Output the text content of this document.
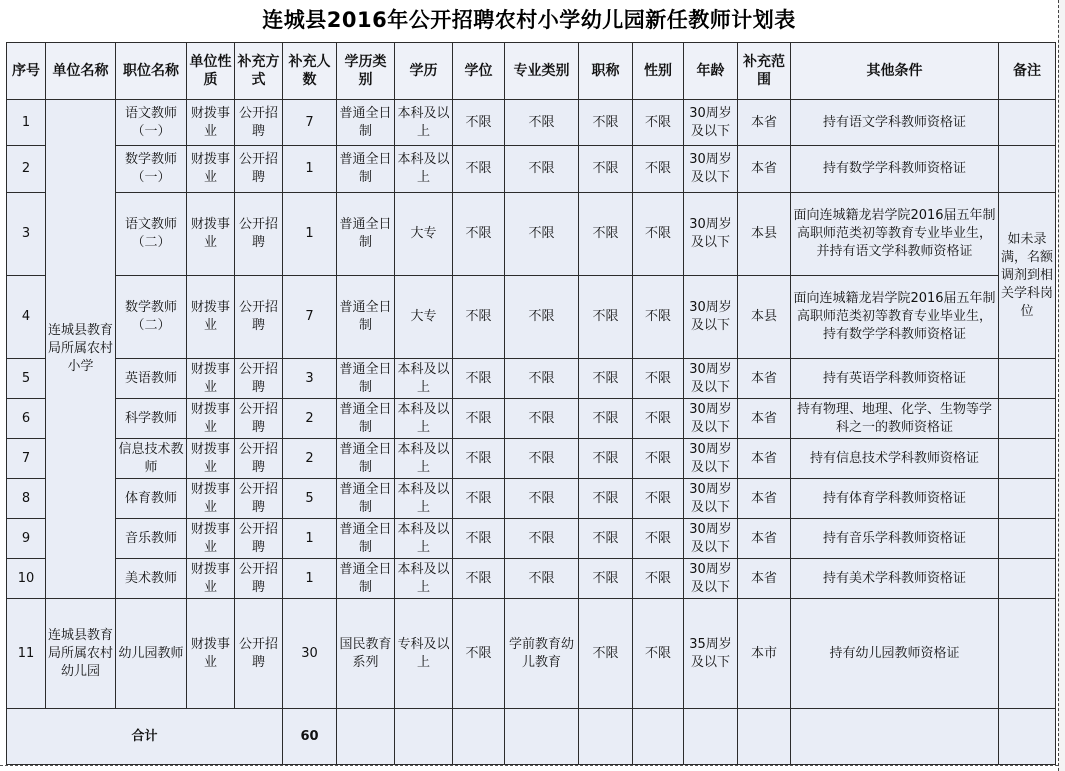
连城县2016年公开招聘农村小学幼儿园新任教师计划表
序号	单位名称	职位名称	单位性质	补充方式	补充人数	学历类别	学历	学位	专业类别	职称	性别	年龄	补充范围	其他条件	备注
1	连城县教育局所属农村小学	语文教师（一）	财拨事业	公开招聘	7	普通全日制	本科及以上	不限	不限	不限	不限	30周岁及以下	本省	持有语文学科教师资格证	
2		数学教师（一）	财拨事业	公开招聘	1	普通全日制	本科及以上	不限	不限	不限	不限	30周岁及以下	本省	持有数学学科教师资格证	
3		语文教师（二）	财拨事业	公开招聘	1	普通全日制	大专	不限	不限	不限	不限	30周岁及以下	本县	面向连城籍龙岩学院2016届五年制高职师范类初等教育专业毕业生，并持有语文学科教师资格证	如未录满，名额调剂到相关学科岗位
4		数学教师（二）	财拨事业	公开招聘	7	普通全日制	大专	不限	不限	不限	不限	30周岁及以下	本县	面向连城籍龙岩学院2016届五年制高职师范类初等教育专业毕业生，持有数学学科教师资格证	
5		英语教师	财拨事业	公开招聘	3	普通全日制	本科及以上	不限	不限	不限	不限	30周岁及以下	本省	持有英语学科教师资格证	
6		科学教师	财拨事业	公开招聘	2	普通全日制	本科及以上	不限	不限	不限	不限	30周岁及以下	本省	持有物理、地理、化学、生物等学科之一的教师资格证	
7		信息技术教师	财拨事业	公开招聘	2	普通全日制	本科及以上	不限	不限	不限	不限	30周岁及以下	本省	持有信息技术学科教师资格证	
8		体育教师	财拨事业	公开招聘	5	普通全日制	本科及以上	不限	不限	不限	不限	30周岁及以下	本省	持有体育学科教师资格证	
9		音乐教师	财拨事业	公开招聘	1	普通全日制	本科及以上	不限	不限	不限	不限	30周岁及以下	本省	持有音乐学科教师资格证	
10		美术教师	财拨事业	公开招聘	1	普通全日制	本科及以上	不限	不限	不限	不限	30周岁及以下	本省	持有美术学科教师资格证	
11	连城县教育局所属农村幼儿园	幼儿园教师	财拨事业	公开招聘	30	国民教育系列	专科及以上	不限	学前教育幼儿教育	不限	不限	35周岁及以下	本市	持有幼儿园教师资格证	
合计					60										
